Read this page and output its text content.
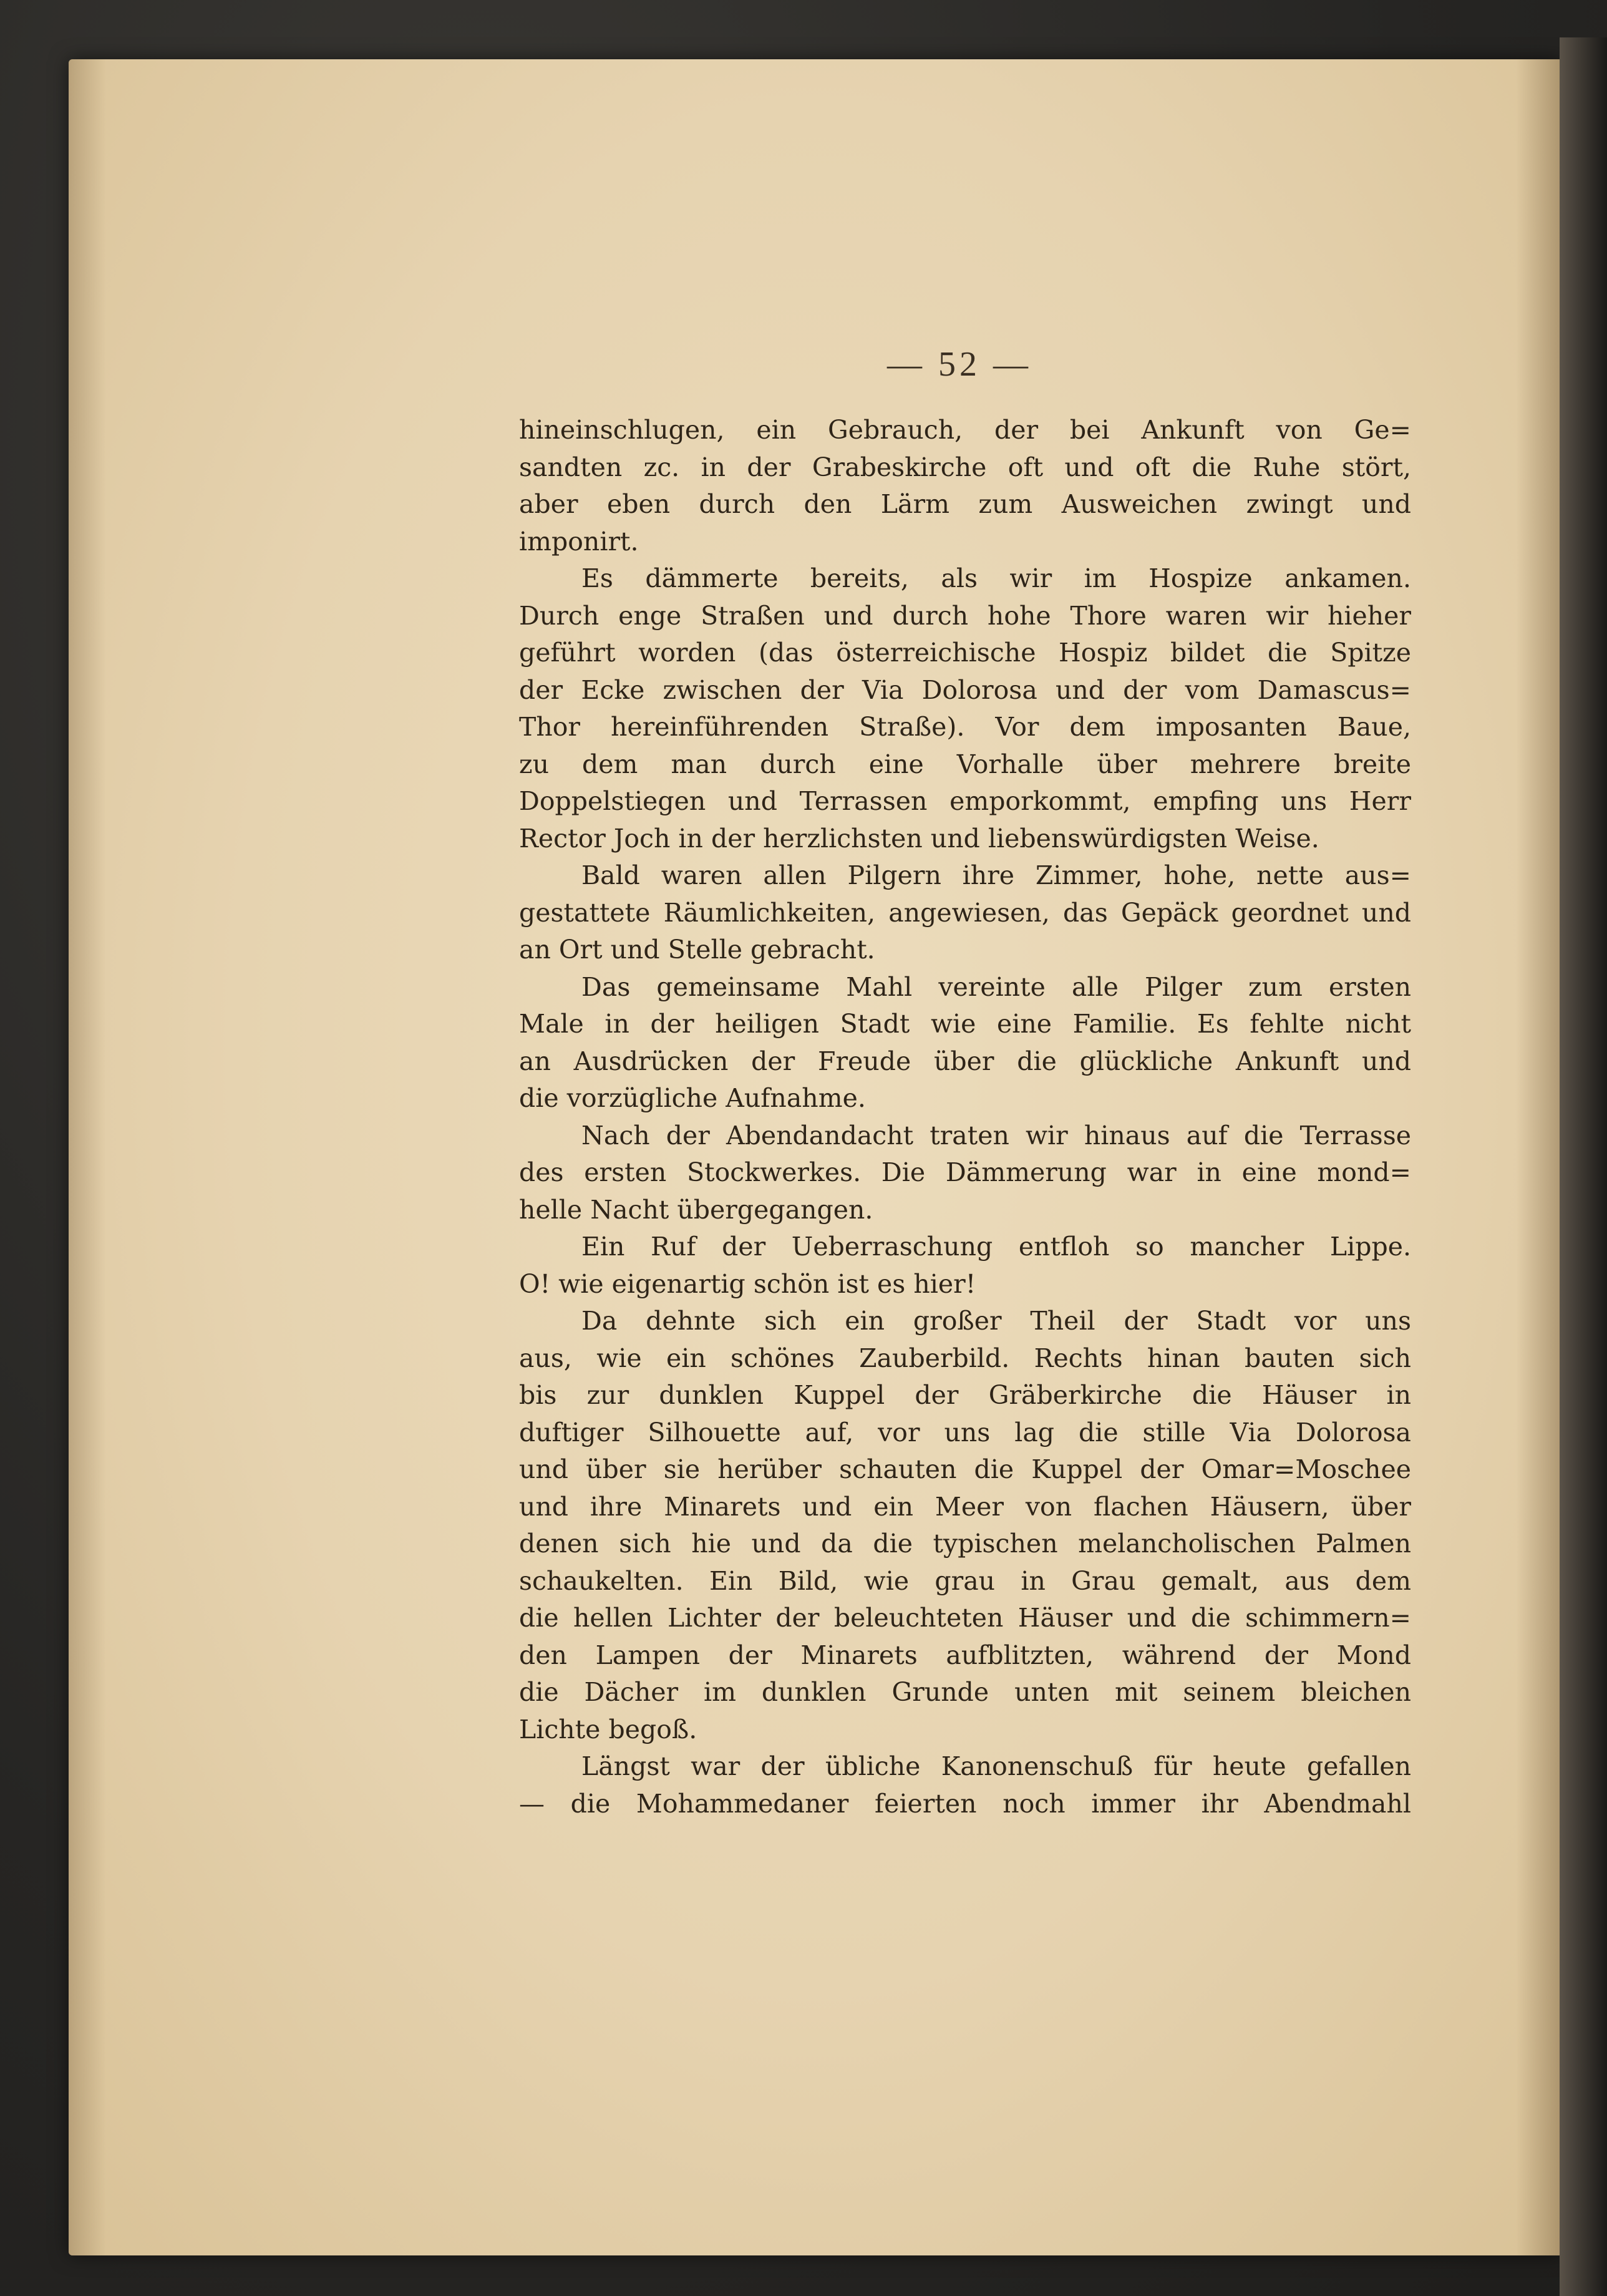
— 52 —
hineinschlugen, ein Gebrauch, der bei Ankunft von Ge=
sandten zc. in der Grabeskirche oft und oft die Ruhe stört,
aber eben durch den Lärm zum Ausweichen zwingt und
imponirt.
Es dämmerte bereits, als wir im Hospize ankamen.
Durch enge Straßen und durch hohe Thore waren wir hieher
geführt worden (das österreichische Hospiz bildet die Spitze
der Ecke zwischen der Via Dolorosa und der vom Damascus=
Thor hereinführenden Straße). Vor dem imposanten Baue,
zu dem man durch eine Vorhalle über mehrere breite
Doppelstiegen und Terrassen emporkommt, empfing uns Herr
Rector Joch in der herzlichsten und liebenswürdigsten Weise.
Bald waren allen Pilgern ihre Zimmer, hohe, nette aus=
gestattete Räumlichkeiten, angewiesen, das Gepäck geordnet und
an Ort und Stelle gebracht.
Das gemeinsame Mahl vereinte alle Pilger zum ersten
Male in der heiligen Stadt wie eine Familie. Es fehlte nicht
an Ausdrücken der Freude über die glückliche Ankunft und
die vorzügliche Aufnahme.
Nach der Abendandacht traten wir hinaus auf die Terrasse
des ersten Stockwerkes. Die Dämmerung war in eine mond=
helle Nacht übergegangen.
Ein Ruf der Ueberraschung entfloh so mancher Lippe.
O! wie eigenartig schön ist es hier!
Da dehnte sich ein großer Theil der Stadt vor uns
aus, wie ein schönes Zauberbild. Rechts hinan bauten sich
bis zur dunklen Kuppel der Gräberkirche die Häuser in
duftiger Silhouette auf, vor uns lag die stille Via Dolorosa
und über sie herüber schauten die Kuppel der Omar=Moschee
und ihre Minarets und ein Meer von flachen Häusern, über
denen sich hie und da die typischen melancholischen Palmen
schaukelten. Ein Bild, wie grau in Grau gemalt, aus dem
die hellen Lichter der beleuchteten Häuser und die schimmern=
den Lampen der Minarets aufblitzten, während der Mond
die Dächer im dunklen Grunde unten mit seinem bleichen
Lichte begoß.
Längst war der übliche Kanonenschuß für heute gefallen
— die Mohammedaner feierten noch immer ihr Abendmahl
